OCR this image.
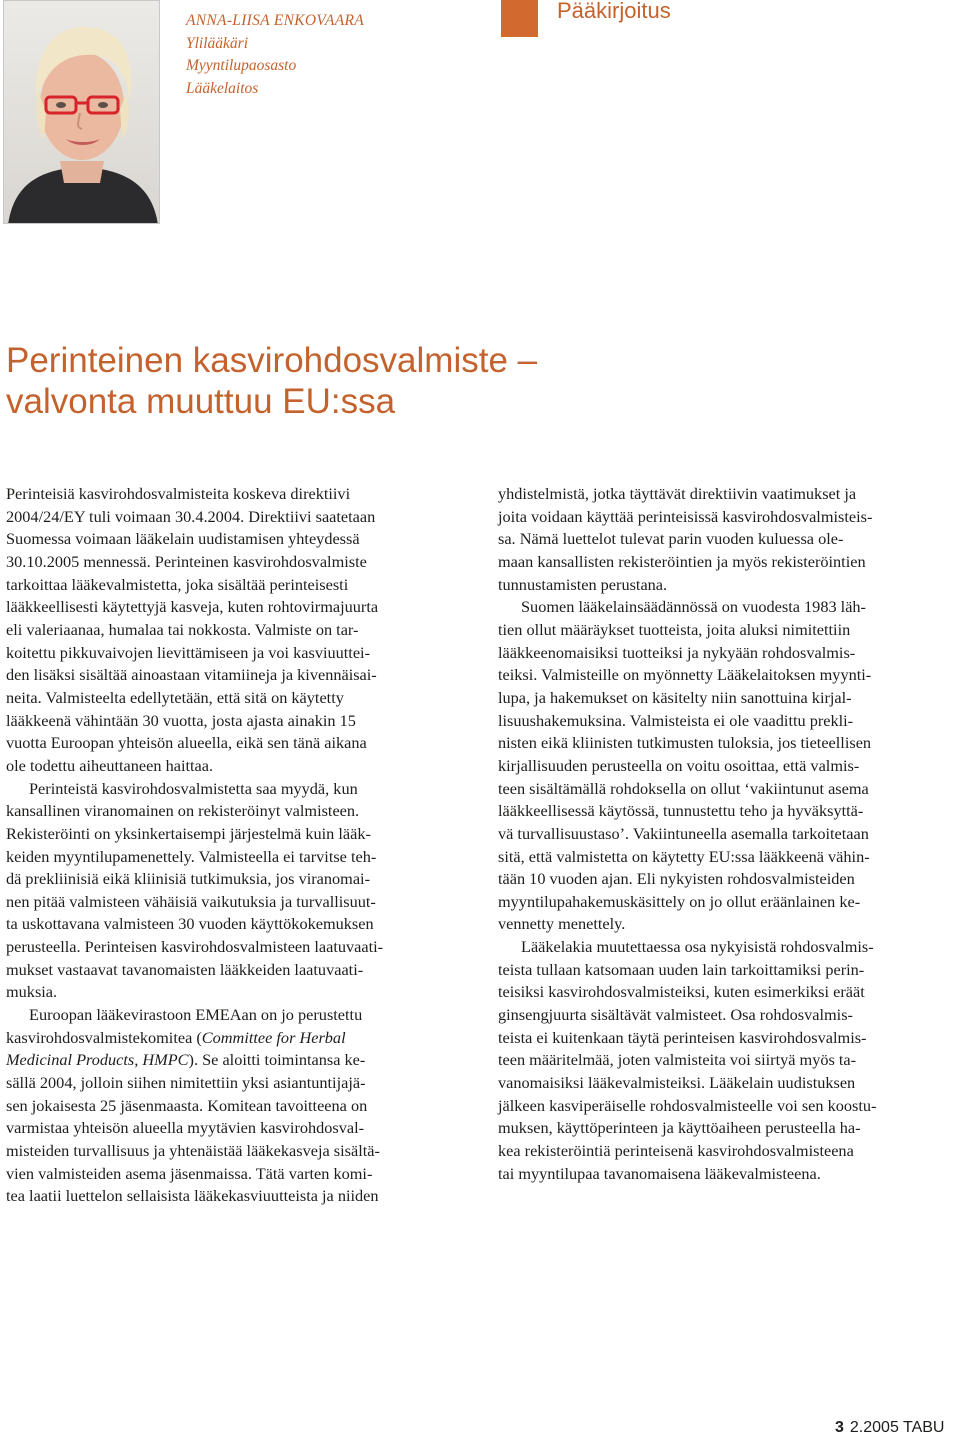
ANNA-LIISA ENKOVAARA
Ylilääkäri
Myyntilupaosasto
Lääkelaitos
Pääkirjoitus
Perinteinen kasvirohdosvalmiste –
valvonta muuttuu EU:ssa

Perinteisiä kasvirohdosvalmisteita koskeva direktiivi
2004/24/EY tuli voimaan 30.4.2004. Direktiivi saatetaan
Suomessa voimaan lääkelain uudistamisen yhteydessä
30.10.2005 mennessä. Perinteinen kasvirohdosvalmiste
tarkoittaa lääkevalmistetta, joka sisältää perinteisesti
lääkkeellisesti käytettyjä kasveja, kuten rohtovirmajuurta
eli valeriaanaa, humalaa tai nokkosta. Valmiste on tar-
koitettu pikkuvaivojen lievittämiseen ja voi kasviuuttei-
den lisäksi sisältää ainoastaan vitamiineja ja kivennäisai-
neita. Valmisteelta edellytetään, että sitä on käytetty
lääkkeenä vähintään 30 vuotta, josta ajasta ainakin 15
vuotta Euroopan yhteisön alueella, eikä sen tänä aikana
ole todettu aiheuttaneen haittaa.

Perinteistä kasvirohdosvalmistetta saa myydä, kun
kansallinen viranomainen on rekisteröinyt valmisteen.
Rekisteröinti on yksinkertaisempi järjestelmä kuin lääk-
keiden myyntilupamenettely. Valmisteella ei tarvitse teh-
dä prekliinisiä eikä kliinisiä tutkimuksia, jos viranomai-
nen pitää valmisteen vähäisiä vaikutuksia ja turvallisuut-
ta uskottavana valmisteen 30 vuoden käyttökokemuksen
perusteella. Perinteisen kasvirohdosvalmisteen laatuvaati-
mukset vastaavat tavanomaisten lääkkeiden laatuvaati-
muksia.

Euroopan lääkevirastoon EMEAan on jo perustettu
kasvirohdosvalmistekomitea (Committee for Herbal
Medicinal Products, HMPC). Se aloitti toimintansa ke-
sällä 2004, jolloin siihen nimitettiin yksi asiantuntijajä-
sen jokaisesta 25 jäsenmaasta. Komitean tavoitteena on
varmistaa yhteisön alueella myytävien kasvirohdosval-
misteiden turvallisuus ja yhtenäistää lääkekasveja sisältä-
vien valmisteiden asema jäsenmaissa. Tätä varten komi-
tea laatii luettelon sellaisista lääkekasviuutteista ja niiden

yhdistelmistä, jotka täyttävät direktiivin vaatimukset ja
joita voidaan käyttää perinteisissä kasvirohdosvalmisteis-
sa. Nämä luettelot tulevat parin vuoden kuluessa ole-
maan kansallisten rekisteröintien ja myös rekisteröintien
tunnustamisten perustana.

Suomen lääkelainsäädännössä on vuodesta 1983 läh-
tien ollut määräykset tuotteista, joita aluksi nimitettiin
lääkkeenomaisiksi tuotteiksi ja nykyään rohdosvalmis-
teiksi. Valmisteille on myönnetty Lääkelaitoksen myynti-
lupa, ja hakemukset on käsitelty niin sanottuina kirjal-
lisuushakemuksina. Valmisteista ei ole vaadittu prekli-
nisten eikä kliinisten tutkimusten tuloksia, jos tieteellisen
kirjallisuuden perusteella on voitu osoittaa, että valmis-
teen sisältämällä rohdoksella on ollut ‘vakiintunut asema
lääkkeellisessä käytössä, tunnustettu teho ja hyväksyttä-
vä turvallisuustaso’. Vakiintuneella asemalla tarkoitetaan
sitä, että valmistetta on käytetty EU:ssa lääkkeenä vähin-
tään 10 vuoden ajan. Eli nykyisten rohdosvalmisteiden
myyntilupahakemuskäsittely on jo ollut eräänlainen ke-
vennetty menettely.

Lääkelakia muutettaessa osa nykyisistä rohdosvalmis-
teista tullaan katsomaan uuden lain tarkoittamiksi perin-
teisiksi kasvirohdosvalmisteiksi, kuten esimerkiksi eräät
ginsengjuurta sisältävät valmisteet. Osa rohdosvalmis-
teista ei kuitenkaan täytä perinteisen kasvirohdosvalmis-
teen määritelmää, joten valmisteita voi siirtyä myös ta-
vanomaisiksi lääkevalmisteiksi. Lääkelain uudistuksen
jälkeen kasviperäiselle rohdosvalmisteelle voi sen koostu-
muksen, käyttöperinteen ja käyttöaiheen perusteella ha-
kea rekisteröintiä perinteisenä kasvirohdosvalmisteena
tai myyntilupaa tavanomaisena lääkevalmisteena.

3 2.2005 TABU
